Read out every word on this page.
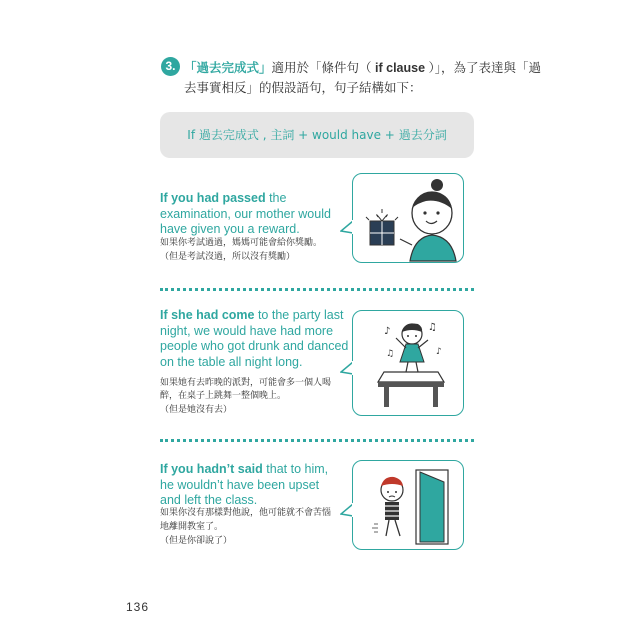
3. 「過去完成式」適用於「條件句（ if clause ）」，為了表達與「過
去事實相反」的假設語句，句子結構如下：
If 過去完成式 , 主詞 + would have + 過去分詞
If you had passed the examination, our mother would have given you a reward.
如果你考試過過，媽媽可能會給你獎勵。
（但是考試沒過，所以沒有獎勵）
If she had come to the party last night, we would have had more people who got drunk and danced on the table all night long.
如果她有去昨晚的派對，可能會多一個人喝
醉，在桌子上跳舞一整個晚上。
（但是她沒有去）
♪	♫
♪
♫
If you hadn’t said that to him, he wouldn’t have been upset and left the class.
如果你沒有那樣對他說，他可能就不會苦惱
地離開教室了。
（但是你卻說了）
136
